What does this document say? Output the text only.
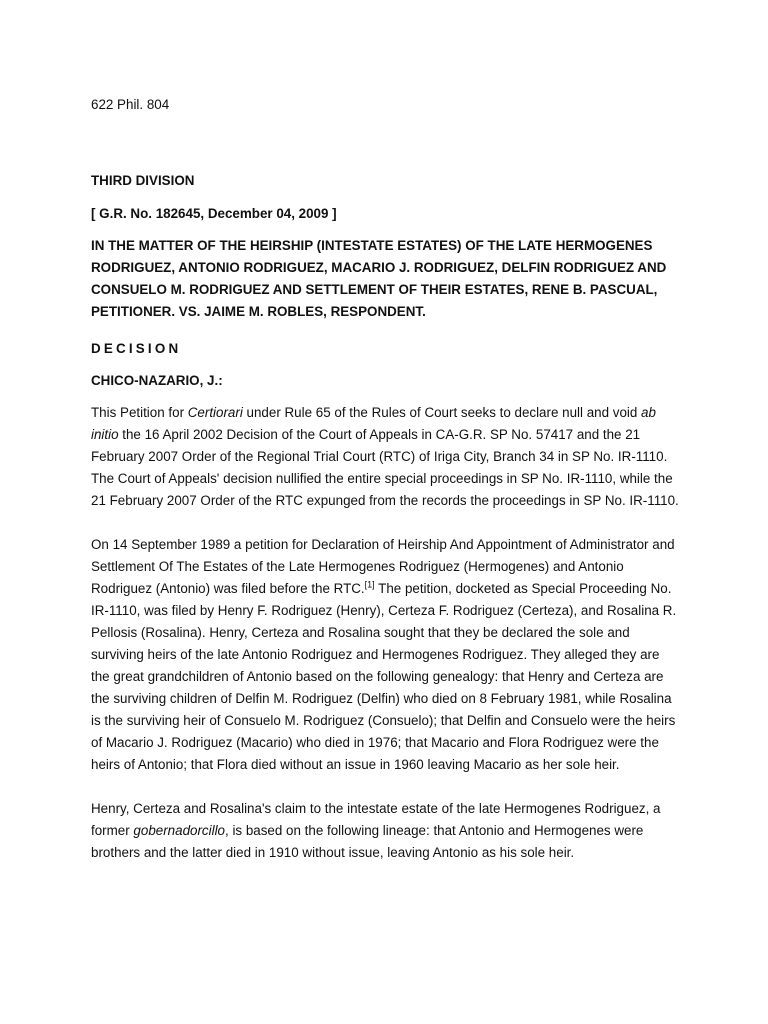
622 Phil. 804

THIRD DIVISION

[ G.R. No. 182645, December 04, 2009 ]

IN THE MATTER OF THE HEIRSHIP (INTESTATE ESTATES) OF THE LATE HERMOGENES RODRIGUEZ, ANTONIO RODRIGUEZ, MACARIO J. RODRIGUEZ, DELFIN RODRIGUEZ AND CONSUELO M. RODRIGUEZ AND SETTLEMENT OF THEIR ESTATES, RENE B. PASCUAL, PETITIONER. VS. JAIME M. ROBLES, RESPONDENT.

DECISION

CHICO-NAZARIO, J.:

This Petition for Certiorari under Rule 65 of the Rules of Court seeks to declare null and void ab initio the 16 April 2002 Decision of the Court of Appeals in CA-G.R. SP No. 57417 and the 21 February 2007 Order of the Regional Trial Court (RTC) of Iriga City, Branch 34 in SP No. IR-1110. The Court of Appeals' decision nullified the entire special proceedings in SP No. IR-1110, while the 21 February 2007 Order of the RTC expunged from the records the proceedings in SP No. IR-1110.

On 14 September 1989 a petition for Declaration of Heirship And Appointment of Administrator and Settlement Of The Estates of the Late Hermogenes Rodriguez (Hermogenes) and Antonio Rodriguez (Antonio) was filed before the RTC.[1] The petition, docketed as Special Proceeding No. IR-1110, was filed by Henry F. Rodriguez (Henry), Certeza F. Rodriguez (Certeza), and Rosalina R. Pellosis (Rosalina). Henry, Certeza and Rosalina sought that they be declared the sole and surviving heirs of the late Antonio Rodriguez and Hermogenes Rodriguez. They alleged they are the great grandchildren of Antonio based on the following genealogy: that Henry and Certeza are the surviving children of Delfin M. Rodriguez (Delfin) who died on 8 February 1981, while Rosalina is the surviving heir of Consuelo M. Rodriguez (Consuelo); that Delfin and Consuelo were the heirs of Macario J. Rodriguez (Macario) who died in 1976; that Macario and Flora Rodriguez were the heirs of Antonio; that Flora died without an issue in 1960 leaving Macario as her sole heir.

Henry, Certeza and Rosalina's claim to the intestate estate of the late Hermogenes Rodriguez, a former gobernadorcillo, is based on the following lineage: that Antonio and Hermogenes were brothers and the latter died in 1910 without issue, leaving Antonio as his sole heir.
